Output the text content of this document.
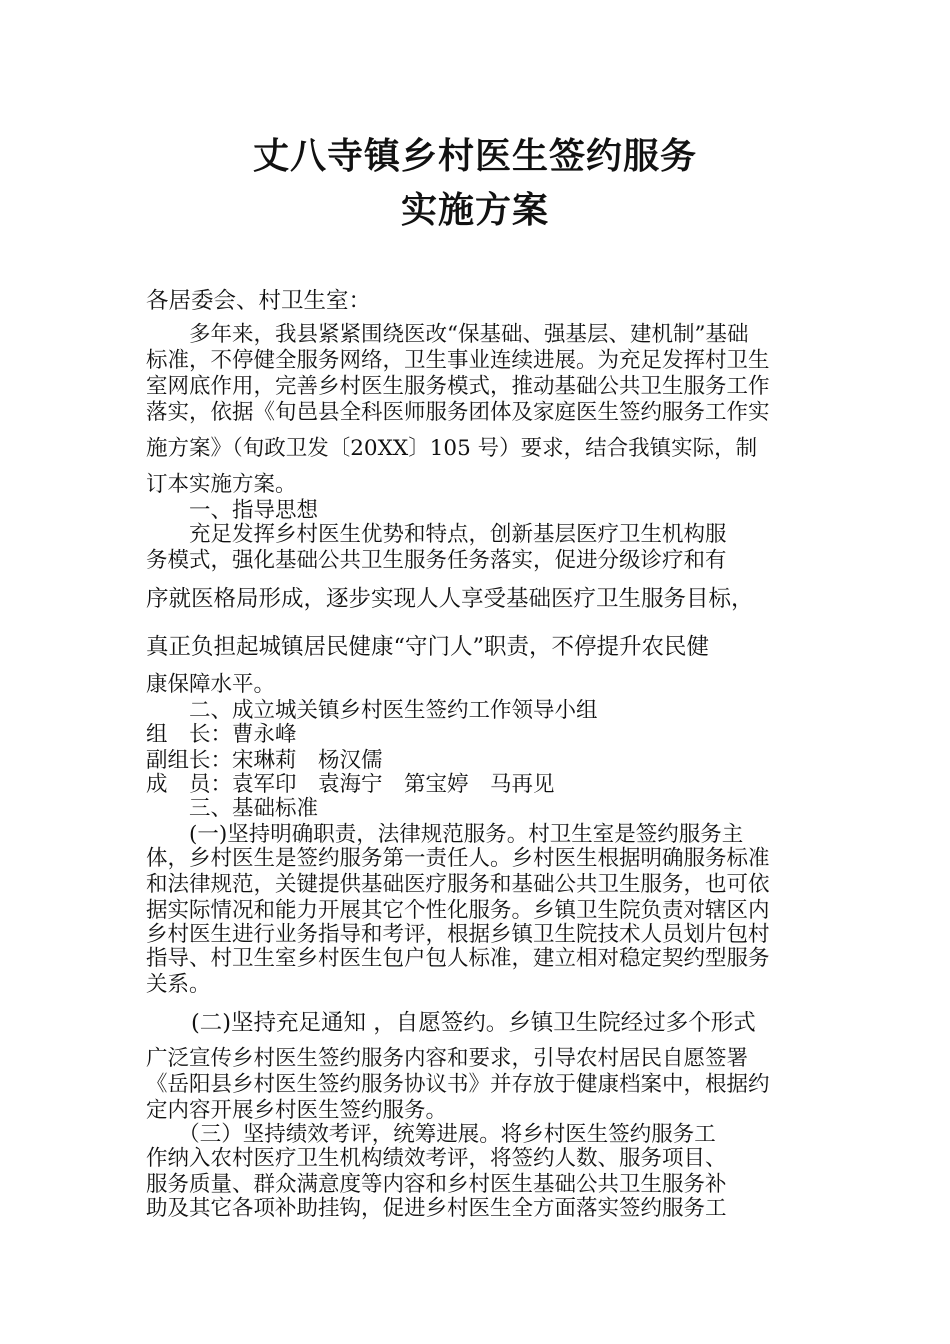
丈八寺镇乡村医生签约服务
实施方案
各居委会、村卫生室：
　　多年来，我县紧紧围绕医改“保基础、强基层、建机制”基础
标准，不停健全服务网络，卫生事业连续进展。为充足发挥村卫生
室网底作用，完善乡村医生服务模式，推动基础公共卫生服务工作
落实，依据《旬邑县全科医师服务团体及家庭医生签约服务工作实
施方案》（旬政卫发〔20XX〕105 号）要求，结合我镇实际，制
订本实施方案。
　　一、指导思想
　　充足发挥乡村医生优势和特点，创新基层医疗卫生机构服
务模式，强化基础公共卫生服务任务落实，促进分级诊疗和有
序就医格局形成，逐步实现人人享受基础医疗卫生服务目标，
真正负担起城镇居民健康“守门人”职责，不停提升农民健
康保障水平。
　　二、成立城关镇乡村医生签约工作领导小组
组　长：曹永峰
副组长：宋琳莉　杨汉儒
成　员：袁军印　袁海宁　第宝婷　马再见
　　三、基础标准
　　(一)坚持明确职责，法律规范服务。村卫生室是签约服务主
体，乡村医生是签约服务第一责任人。乡村医生根据明确服务标准
和法律规范，关键提供基础医疗服务和基础公共卫生服务，也可依
据实际情况和能力开展其它个性化服务。乡镇卫生院负责对辖区内
乡村医生进行业务指导和考评，根据乡镇卫生院技术人员划片包村
指导、村卫生室乡村医生包户包人标准，建立相对稳定契约型服务
关系。
　　(二)坚持充足通知 ，自愿签约。乡镇卫生院经过多个形式
广泛宣传乡村医生签约服务内容和要求，引导农村居民自愿签署
《岳阳县乡村医生签约服务协议书》并存放于健康档案中，根据约
定内容开展乡村医生签约服务。
　　（三）坚持绩效考评，统筹进展。将乡村医生签约服务工
作纳入农村医疗卫生机构绩效考评，将签约人数、服务项目、
服务质量、群众满意度等内容和乡村医生基础公共卫生服务补
助及其它各项补助挂钩，促进乡村医生全方面落实签约服务工
